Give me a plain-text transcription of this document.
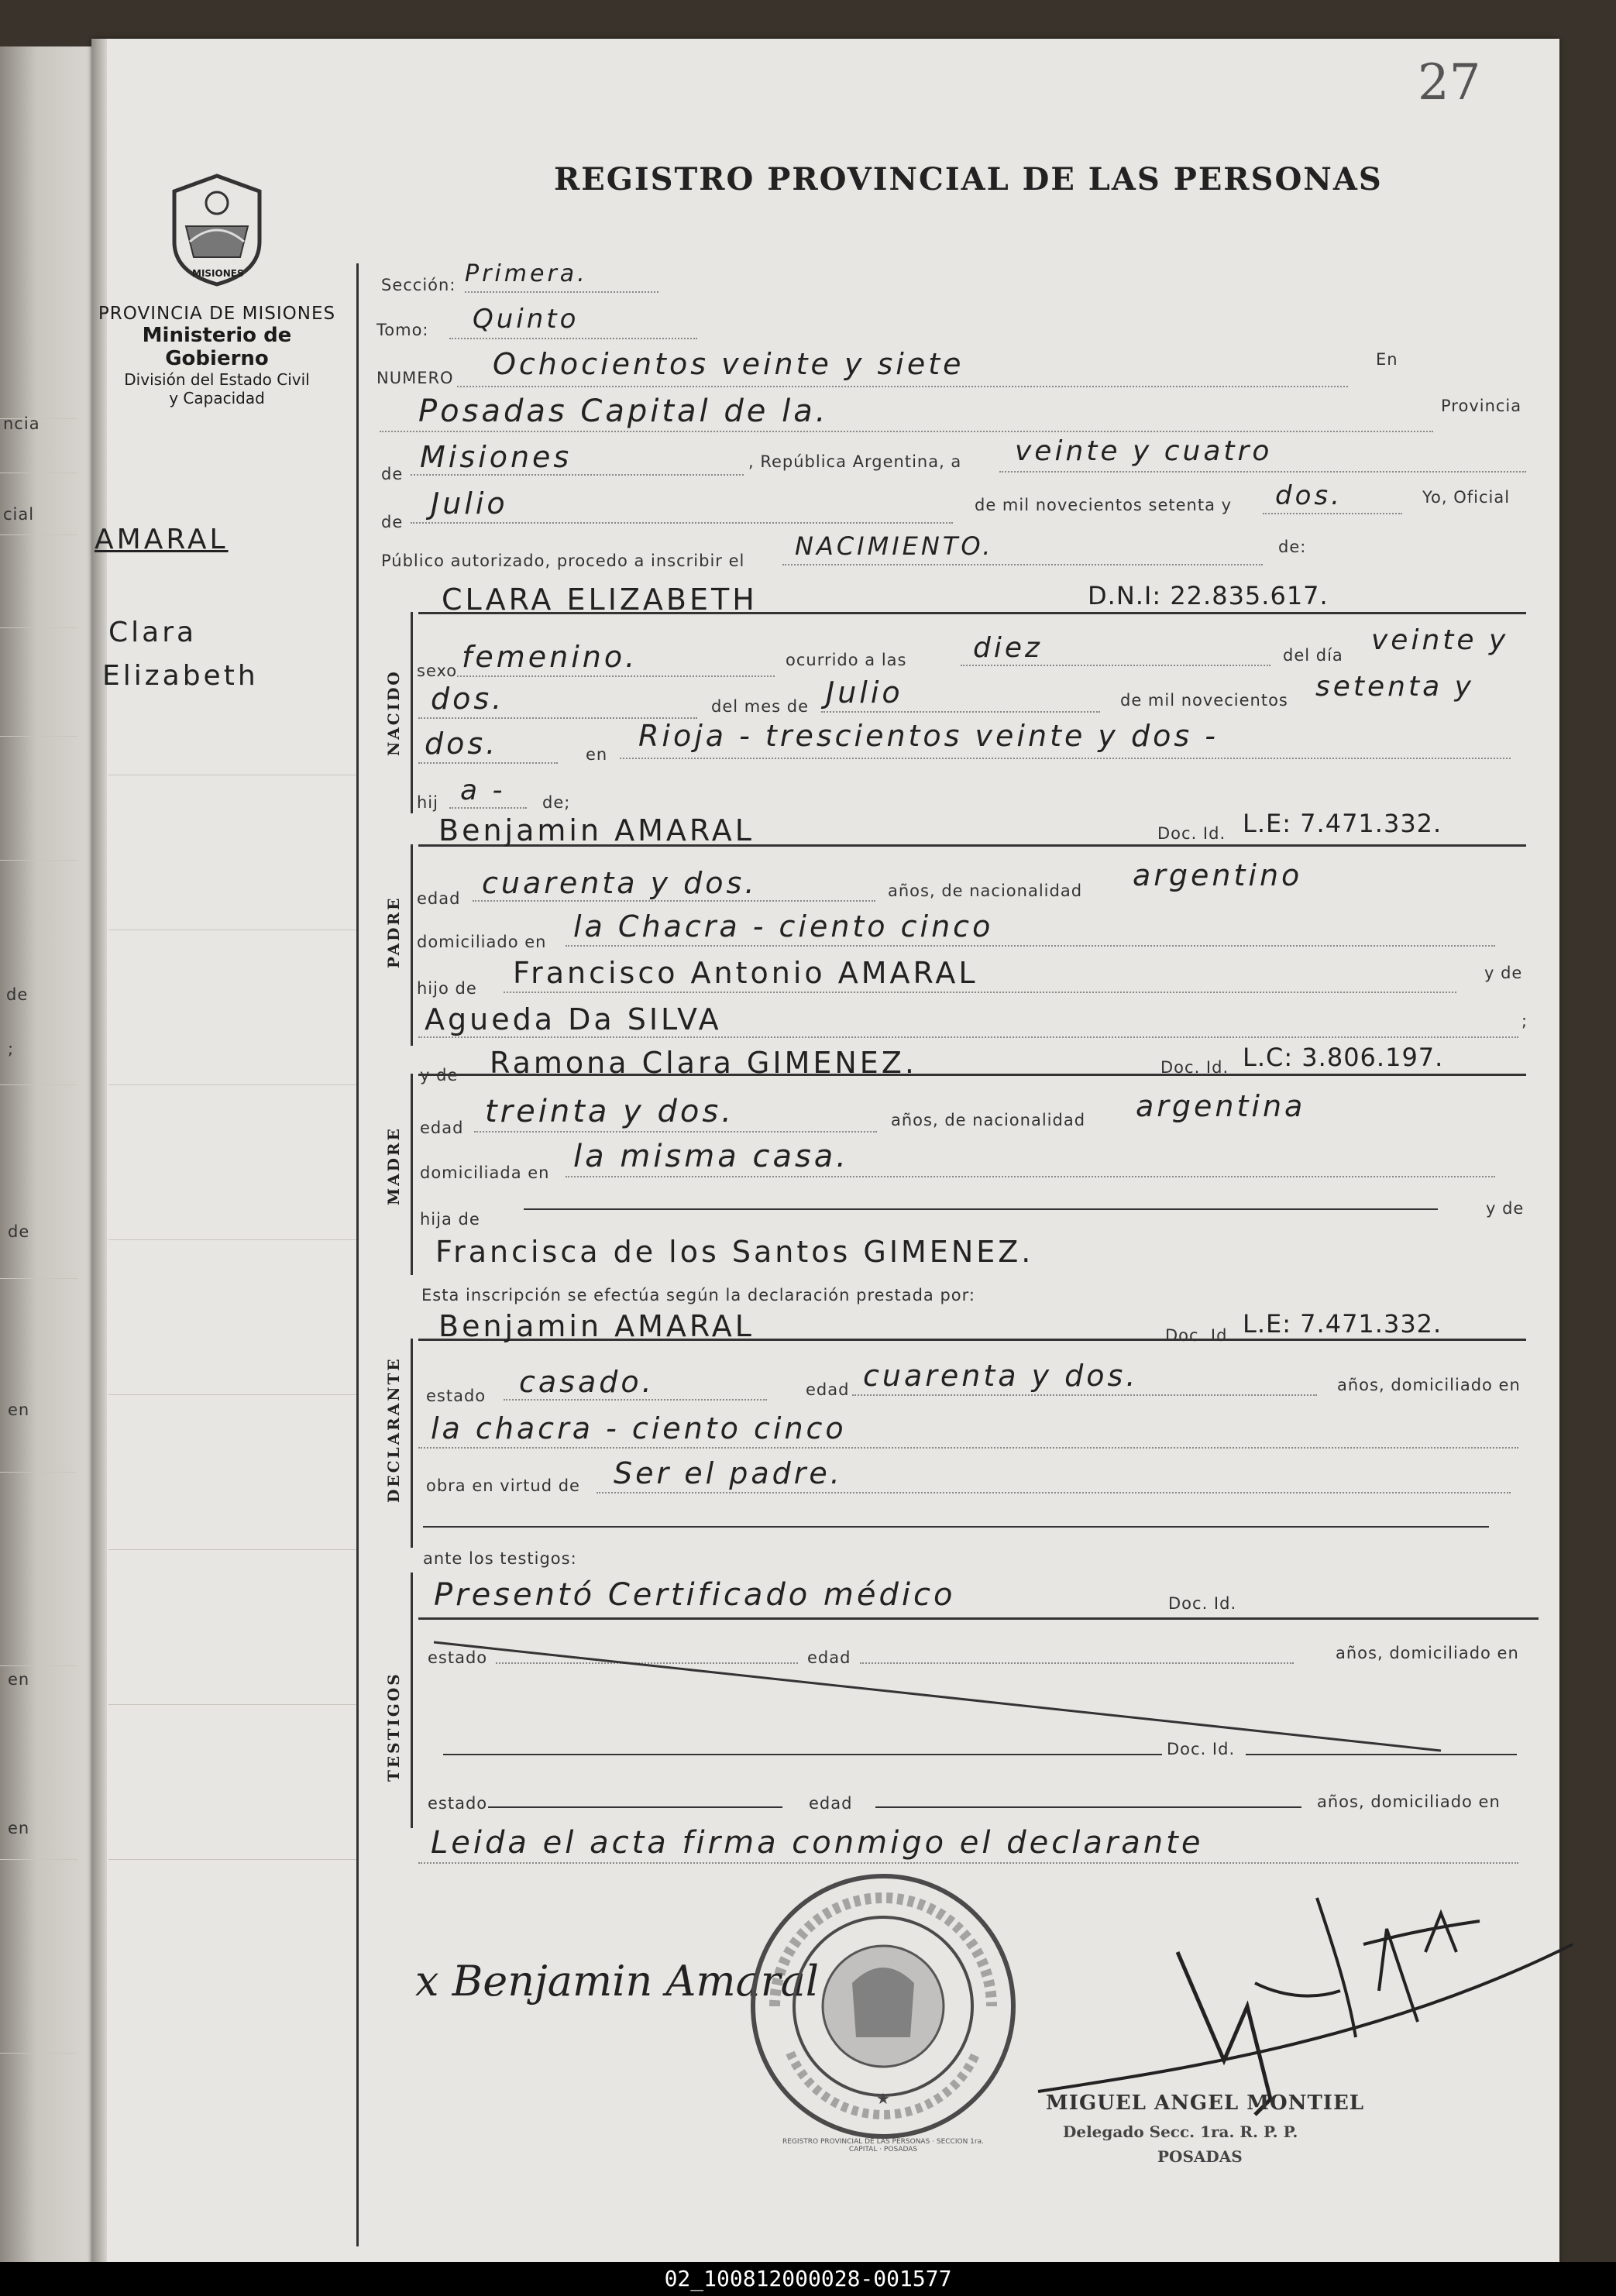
ncia
cial
de
;
de
en
en
en
27
REGISTRO PROVINCIAL DE LAS PERSONAS
MISIONES
PROVINCIA DE MISIONES
Ministerio de Gobierno
División del Estado Civil
y Capacidad
AMARAL
Clara
Elizabeth
Sección: Primera.
Tomo: Quinto
NUMERO Ochocientos veinte y siete	En
Posadas Capital de la.	Provincia
de Misiones	, República Argentina, a veinte y cuatro
de
Julio	de mil novecientos setenta y dos.	Yo, Oficial
Público autorizado, procedo a inscribir el NACIMIENTO.	de:
NACIDO
CLARA ELIZABETH	D.N.I: 22.835.617.
sexo femenino.	ocurrido a las diez	del día veinte y
dos.	del mes de Julio	de mil novecientos setenta y
dos.	en
Rioja - trescientos veinte y dos -
hij a - de;
PADRE
Benjamin AMARAL	Doc. Id. L.E: 7.471.332.
edad cuarenta y dos.	años, de nacionalidad argentino
domiciliado en la Chacra - ciento cinco
hijo de Francisco Antonio AMARAL	y de
Agueda Da SILVA	;
MADRE
y de Ramona Clara GIMENEZ.	Doc. Id. L.C: 3.806.197.
edad treinta y dos.	años, de nacionalidad argentina
domiciliada en la misma casa.
hija de
y de
Francisca de los Santos GIMENEZ.
Esta inscripción se efectúa según la declaración prestada por:
DECLARANTE
Benjamin AMARAL	Doc. Id. L.E: 7.471.332.
estado casado.	edad cuarenta y dos.	años, domiciliado en
la chacra - ciento cinco
obra en virtud de Ser el padre.
ante los testigos:
TESTIGOS
Presentó Certificado médico	Doc. Id.
estado	edad	años, domiciliado en
Doc. Id.
estado	edad	años, domiciliado en
Leida el acta firma conmigo el declarante
x Benjamin Amaral
★
REGISTRO PROVINCIAL DE LAS PERSONAS · SECCION 1ra. CAPITAL · POSADAS
MIGUEL ANGEL MONTIEL
Delegado Secc. 1ra. R. P. P.
POSADAS
02_100812000028-001577
